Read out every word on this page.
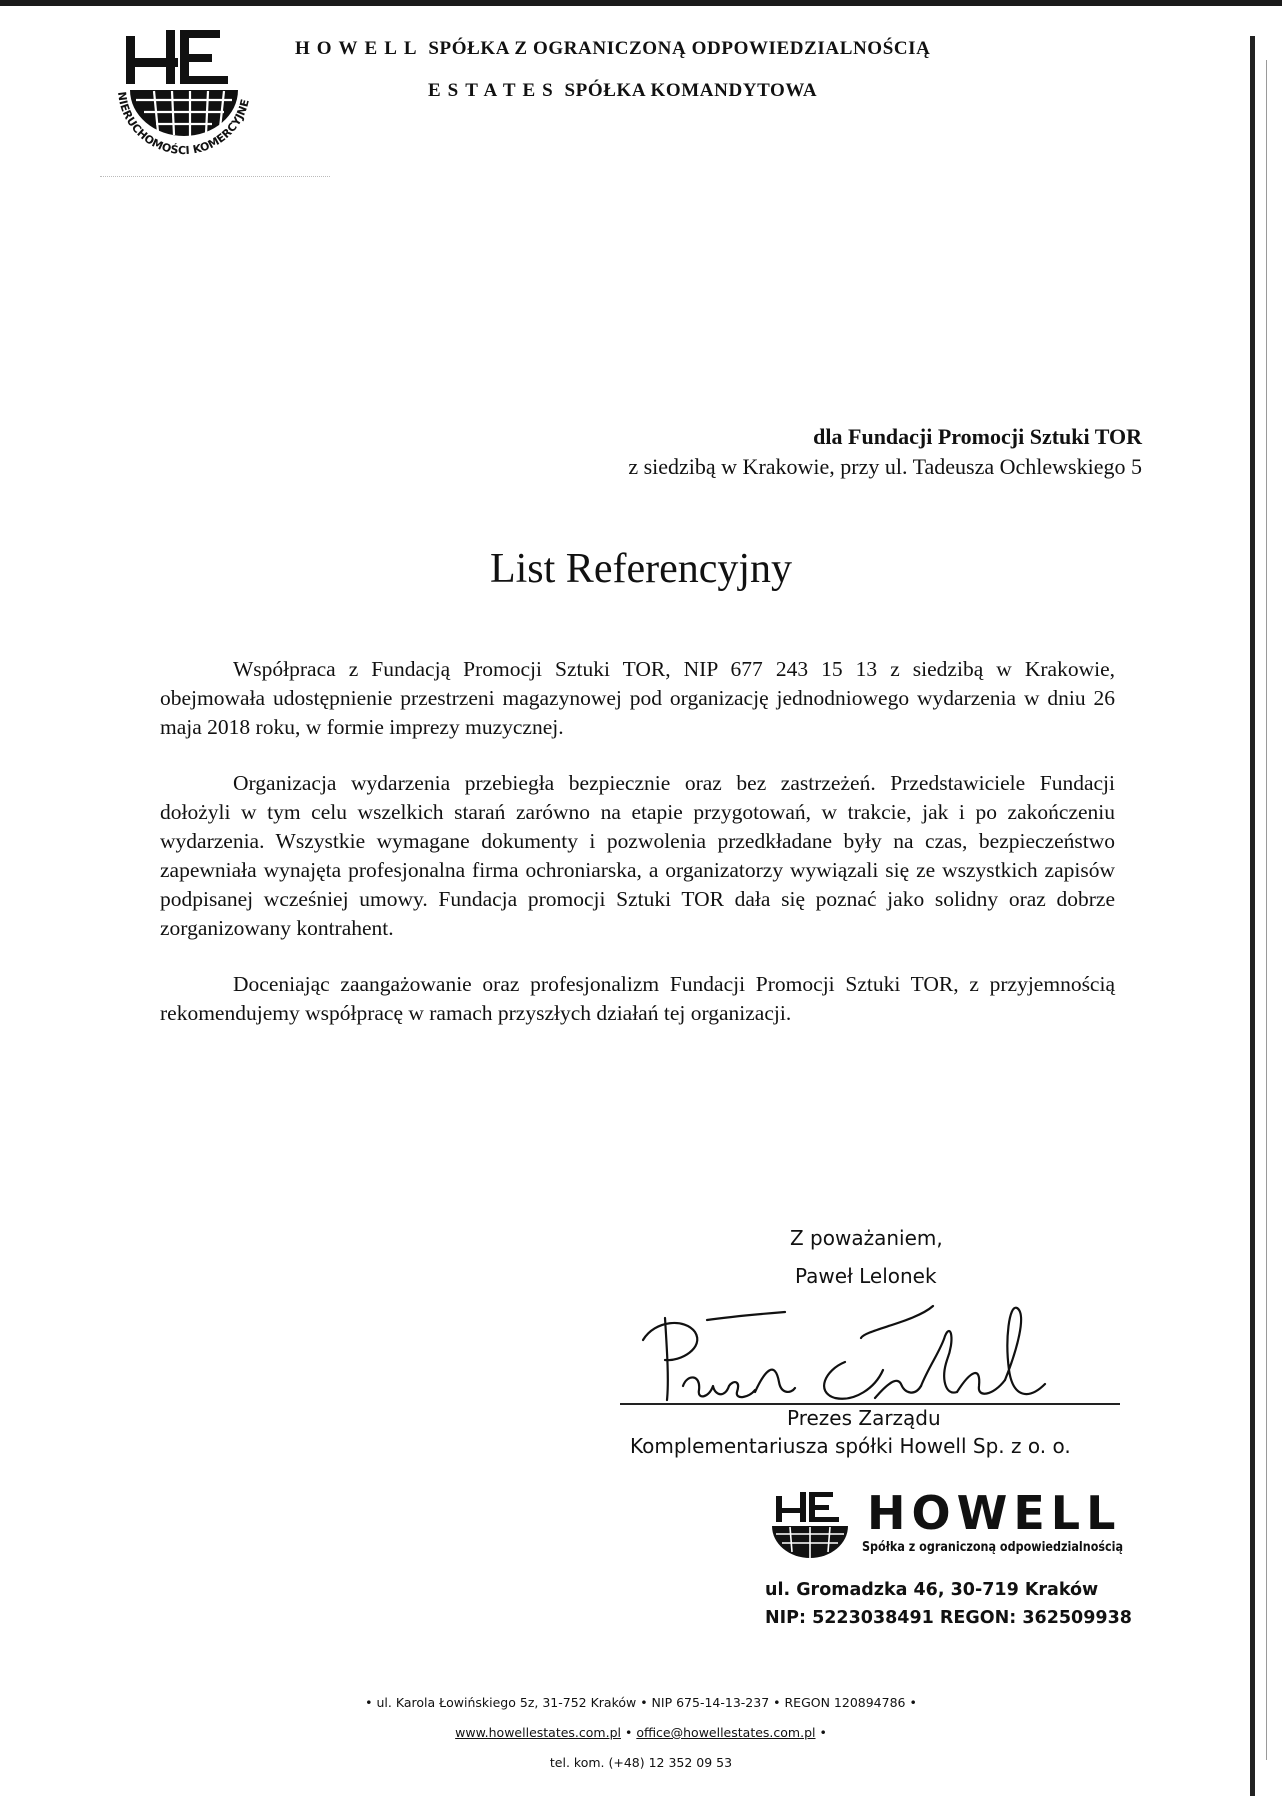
NIERUCHOMOŚCI KOMERCYJNE
HOWELL SPÓŁKA Z OGRANICZONĄ ODPOWIEDZIALNOŚCIĄ
ESTATES SPÓŁKA KOMANDYTOWA
dla Fundacji Promocji Sztuki TOR
z siedzibą w Krakowie, przy ul. Tadeusza Ochlewskiego 5
List Referencyjny

Współpraca z Fundacją Promocji Sztuki TOR, NIP 677 243 15 13 z siedzibą w Krakowie, obejmowała udostępnienie przestrzeni magazynowej pod organizację jednodniowego wydarzenia w dniu 26 maja 2018 roku, w formie imprezy muzycznej.

Organizacja wydarzenia przebiegła bezpiecznie oraz bez zastrzeżeń. Przedstawiciele Fundacji dołożyli w tym celu wszelkich starań zarówno na etapie przygotowań, w trakcie, jak i po zakończeniu wydarzenia. Wszystkie wymagane dokumenty i pozwolenia przedkładane były na czas, bezpieczeństwo zapewniała wynajęta profesjonalna firma ochroniarska, a organizatorzy wywiązali się ze wszystkich zapisów podpisanej wcześniej umowy. Fundacja promocji Sztuki TOR dała się poznać jako solidny oraz dobrze zorganizowany kontrahent.

Doceniając zaangażowanie oraz profesjonalizm Fundacji Promocji Sztuki TOR, z przyjemnością rekomendujemy współpracę w ramach przyszłych działań tej organizacji.

Z poważaniem,
Paweł Lelonek
Prezes Zarządu
Komplementariusza spółki Howell Sp. z o. o.
HOWELL
Spółka z ograniczoną odpowiedzialnością
ul. Gromadzka 46, 30-719 Kraków
NIP: 5223038491 REGON: 362509938
• ul. Karola Łowińskiego 5z, 31-752 Kraków • NIP 675-14-13-237 • REGON 120894786 •
www.howellestates.com.pl • office@howellestates.com.pl •
tel. kom. (+48) 12 352 09 53
